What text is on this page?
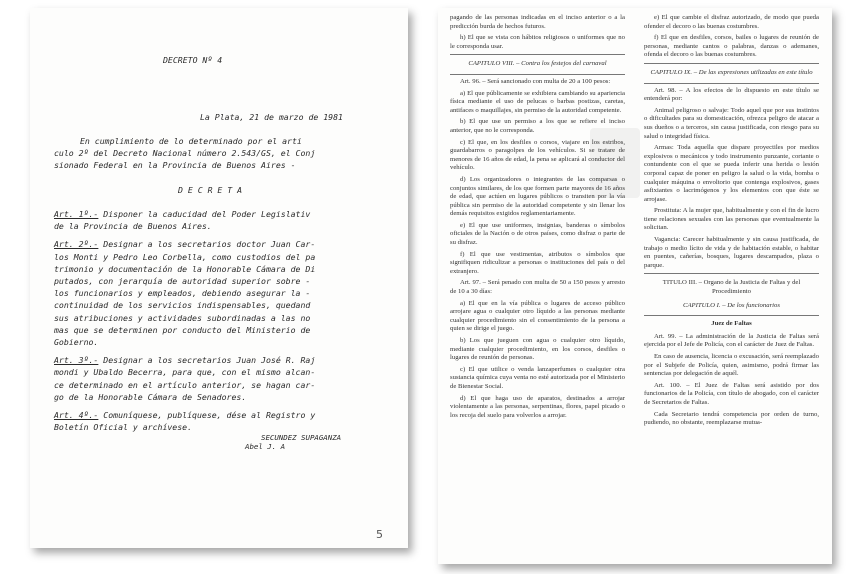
DECRETO Nº 4
La Plata, 21 de marzo de 1981
En cumplimiento de lo determinado por el arti
culo 2º del Decreto Nacional número 2.543/GS, el Conj
sionado Federal en la Provincia de Buenos Aires -
D E C R E T A
Art. 1º.- Disponer la caducidad del Poder Legislativ
de la Provincia de Buenos Aires.
Art. 2º.- Designar a los secretarios doctor Juan Car-
los Monti y Pedro Leo Corbella, como custodios del pa
trimonio y documentación de la Honorable Cámara de Di
putados, con jerarquía de autoridad superior sobre -
los funcionarios y empleados, debiendo asegurar la -
continuidad de los servicios indispensables, quedand
sus atribuciones y actividades subordinadas a las no
mas que se determinen por conducto del Ministerio de
Gobierno.
Art. 3º.- Designar a los secretarios Juan José R. Raj
mondi y Ubaldo Becerra, para que, con el mismo alcan-
ce determinado en el artículo anterior, se hagan car-
go de la Honorable Cámara de Senadores.
Art. 4º.- Comuníquese, publíquese, dése al Registro y
Boletín Oficial y archívese.
SECUNDEZ SUPAGANZA
Abel J. A
5

pagando de las personas indicadas en el inciso anterior o a la predicción burda de hechos futuros.

h) El que se vista con hábitos religiosos o uniformes que no le corresponda usar.

CAPITULO VIII. – Contra los festejos del carnaval

Art. 96. – Será sancionado con multa de 20 a 100 pesos:

a) El que públicamente se exhibiera cambiando su apariencia física mediante el uso de pelucas o barbas postizas, caretas, antifaces o maquillajes, sin permiso de la autoridad competente.

b) El que use un permiso a los que se refiere el inciso anterior, que no le corresponda.

c) El que, en los desfiles o corsos, viajare en los estribos, guardabarros o paragolpes de los vehículos. Si se tratare de menores de 16 años de edad, la pena se aplicará al conductor del vehículo.

d) Los organizadores o integrantes de las comparsas o conjuntos similares, de los que formen parte mayores de 16 años de edad, que actúen en lugares públicos o transiten por la vía pública sin permiso de la autoridad competente y sin llenar los demás requisitos exigidos reglamentariamente.

e) El que use uniformes, insignias, banderas o símbolos oficiales de la Nación o de otros países, como disfraz o parte de su disfraz.

f) El que use vestimentas, atributos o símbolos que signifiquen ridiculizar a personas o instituciones del país o del extranjero.

Art. 97. – Será penado con multa de 50 a 150 pesos y arresto de 10 a 30 días:

a) El que en la vía pública o lugares de acceso público arrojare agua o cualquier otro líquido a las personas mediante cualquier procedimiento sin el consentimiento de la persona a quien se dirige el juego.

b) Los que jueguen con agua o cualquier otro líquido, mediante cualquier procedimiento, en los corsos, desfiles o lugares de reunión de personas.

c) El que utilice o venda lanzaperfumes o cualquier otra sustancia química cuya venta no esté autorizada por el Ministerio de Bienestar Social.

d) El que haga uso de aparatos, destinados a arrojar violentamente a las personas, serpentinas, flores, papel picado o los recoja del suelo para volverlos a arrojar.

e) El que cambie el disfraz autorizado, de modo que pueda ofender el decoro o las buenas costumbres.

f) El que en desfiles, corsos, bailes o lugares de reunión de personas, mediante cantos o palabras, danzas o ademanes, ofenda el decoro o las buenas costumbres.

CAPITULO IX. – De las expresiones utilizadas en este título

Art. 98. – A los efectos de lo dispuesto en este título se entenderá por:

Animal peligroso o salvaje: Todo aquel que por sus instintos o dificultades para su domesticación, ofrezca peligro de atacar a sus dueños o a terceros, sin causa justificada, con riesgo para su salud o integridad física.

Armas: Toda aquella que dispare proyectiles por medios explosivos o mecánicos y todo instrumento punzante, cortante o contundente con el que se pueda inferir una herida o lesión corporal capaz de poner en peligro la salud o la vida, bomba o cualquier máquina o envoltorio que contenga explosivos, gases asfixiantes o lacrimógenos y los elementos con que éste se arrojase.

Prostituta: A la mujer que, habitualmente y con el fin de lucro tiene relaciones sexuales con las personas que eventualmente la solicitan.

Vagancia: Carecer habitualmente y sin causa justificada, de trabajo o medio lícito de vida y de habitación estable, o habitar en puentes, cañerías, bosques, lugares descampados, plaza o parque.

TITULO III. – Organo de la Justicia de Faltas y del Procedimiento
CAPITULO I. – De los funcionarios
Juez de Faltas

Art. 99. – La administración de la Justicia de Faltas será ejercida por el Jefe de Policía, con el carácter de Juez de Faltas.

En caso de ausencia, licencia o excusación, será reemplazado por el Subjefe de Policía, quien, asimismo, podrá firmar las sentencias por delegación de aquél.

Art. 100. – El Juez de Faltas será asistido por dos funcionarios de la Policía, con título de abogado, con el carácter de Secretarios de Faltas.

Cada Secretario tendrá competencia por orden de turno, pudiendo, no obstante, reemplazarse mutua-
